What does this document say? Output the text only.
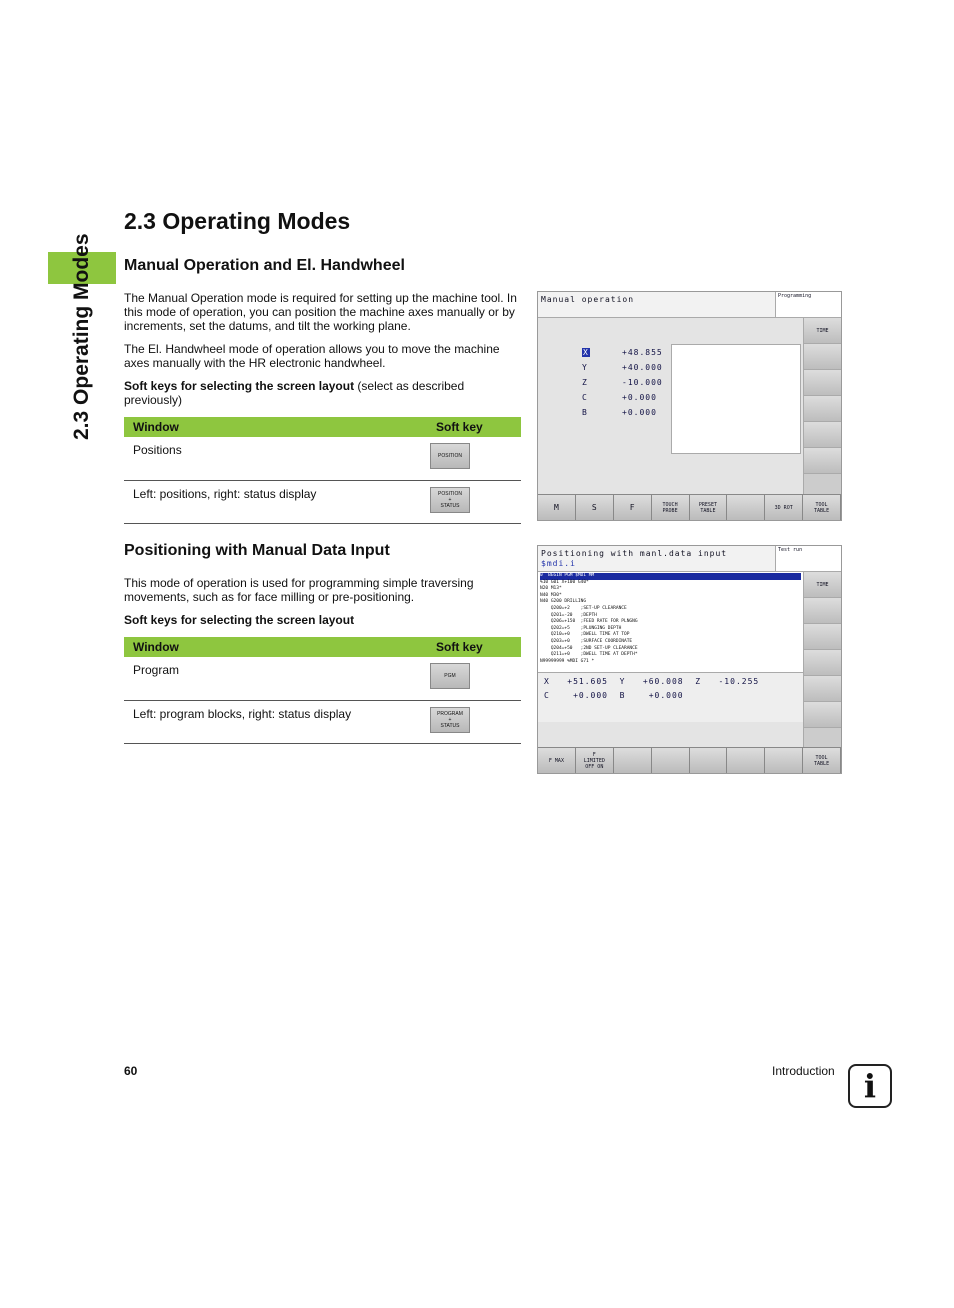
2.3 Operating Modes
2.3 Operating Modes
Manual Operation and El. Handwheel

The Manual Operation mode is required for setting up the machine tool. In this mode of operation, you can position the machine axes manually or by increments, set the datums, and tilt the working plane.

The El. Handwheel mode of operation allows you to move the machine axes manually with the HR electronic handwheel.

Soft keys for selecting the screen layout (select as described previously)

Window	Soft key
Positions	POSITION

Left: positions, right: status display	POSITION
+
STATUS
Manual operation	Programming
X	+48.855
Y	+40.000
Z	-10.000
C	+0.000
B	+0.000
TIME
M	S	F	TOUCH
PROBE
PRESET
TABLE	3D ROT	TOOL
TABLE
Positioning with Manual Data Input

This mode of operation is used for programming simple traversing movements, such as for face milling or pre-positioning.

Soft keys for selecting the screen layout

Window	Soft key
Program	PGM

Left: program blocks, right: status display	PROGRAM
+
STATUS
Positioning with manl.data input
$mdi.i
Test run
0  BEGIN PGM $MDI MM
%10 G01 X+100 G40*
N20 M13*
N40 M30*
N40 G200 DRILLING
Q200=+2    ;SET-UP CLEARANCE
Q201=-20   ;DEPTH
Q206=+150  ;FEED RATE FOR PLNGNG
Q202=+5    ;PLUNGING DEPTH
Q210=+0    ;DWELL TIME AT TOP
Q203=+0    ;SURFACE COORDINATE
Q204=+50   ;2ND SET-UP CLEARANCE
Q211=+0    ;DWELL TIME AT DEPTH*
N99999999 %MDI G71 *
X   +51.605  Y   +60.008  Z   -10.255
C    +0.000  B    +0.000
TIME
F MAX
F
LIMITED
OFF ON
TOOL
TABLE
60	Introduction i
